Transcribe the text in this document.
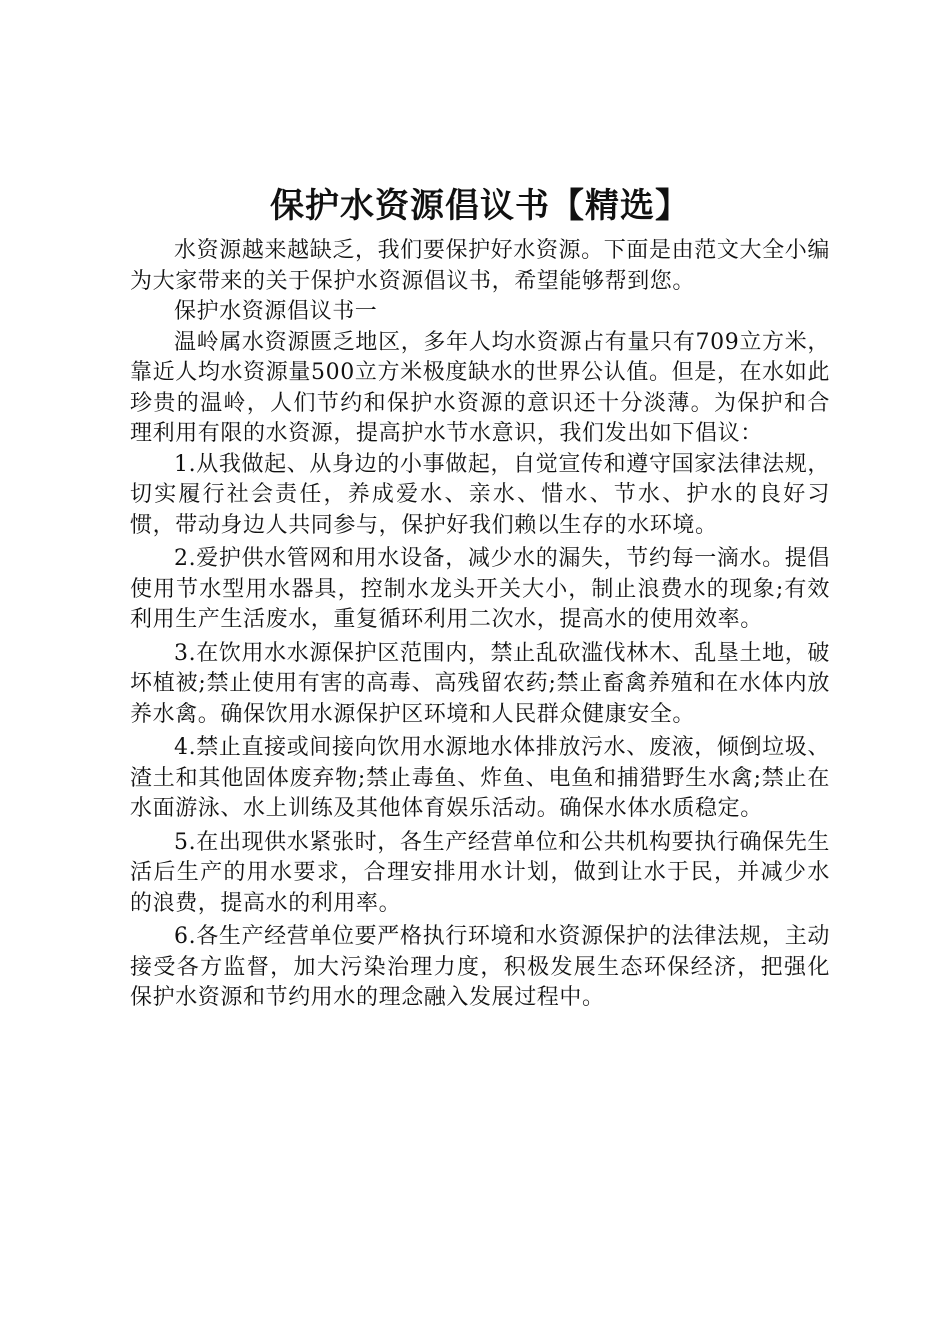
保护水资源倡议书【精选】

水资源越来越缺乏，我们要保护好水资源。下面是由范文大全小编为大家带来的关于保护水资源倡议书，希望能够帮到您。

保护水资源倡议书一

温岭属水资源匮乏地区，多年人均水资源占有量只有709立方米，靠近人均水资源量500立方米极度缺水的世界公认值。但是，在水如此珍贵的温岭，人们节约和保护水资源的意识还十分淡薄。为保护和合理利用有限的水资源，提高护水节水意识，我们发出如下倡议：

1.从我做起、从身边的小事做起，自觉宣传和遵守国家法律法规，切实履行社会责任，养成爱水、亲水、惜水、节水、护水的良好习惯，带动身边人共同参与，保护好我们赖以生存的水环境。

2.爱护供水管网和用水设备，减少水的漏失，节约每一滴水。提倡使用节水型用水器具，控制水龙头开关大小，制止浪费水的现象;有效利用生产生活废水，重复循环利用二次水，提高水的使用效率。

3.在饮用水水源保护区范围内，禁止乱砍滥伐林木、乱垦土地，破坏植被;禁止使用有害的高毒、高残留农药;禁止畜禽养殖和在水体内放养水禽。确保饮用水源保护区环境和人民群众健康安全。

4.禁止直接或间接向饮用水源地水体排放污水、废液，倾倒垃圾、渣土和其他固体废弃物;禁止毒鱼、炸鱼、电鱼和捕猎野生水禽;禁止在水面游泳、水上训练及其他体育娱乐活动。确保水体水质稳定。

5.在出现供水紧张时，各生产经营单位和公共机构要执行确保先生活后生产的用水要求，合理安排用水计划，做到让水于民，并减少水的浪费，提高水的利用率。

6.各生产经营单位要严格执行环境和水资源保护的法律法规，主动接受各方监督，加大污染治理力度，积极发展生态环保经济，把强化保护水资源和节约用水的理念融入发展过程中。
